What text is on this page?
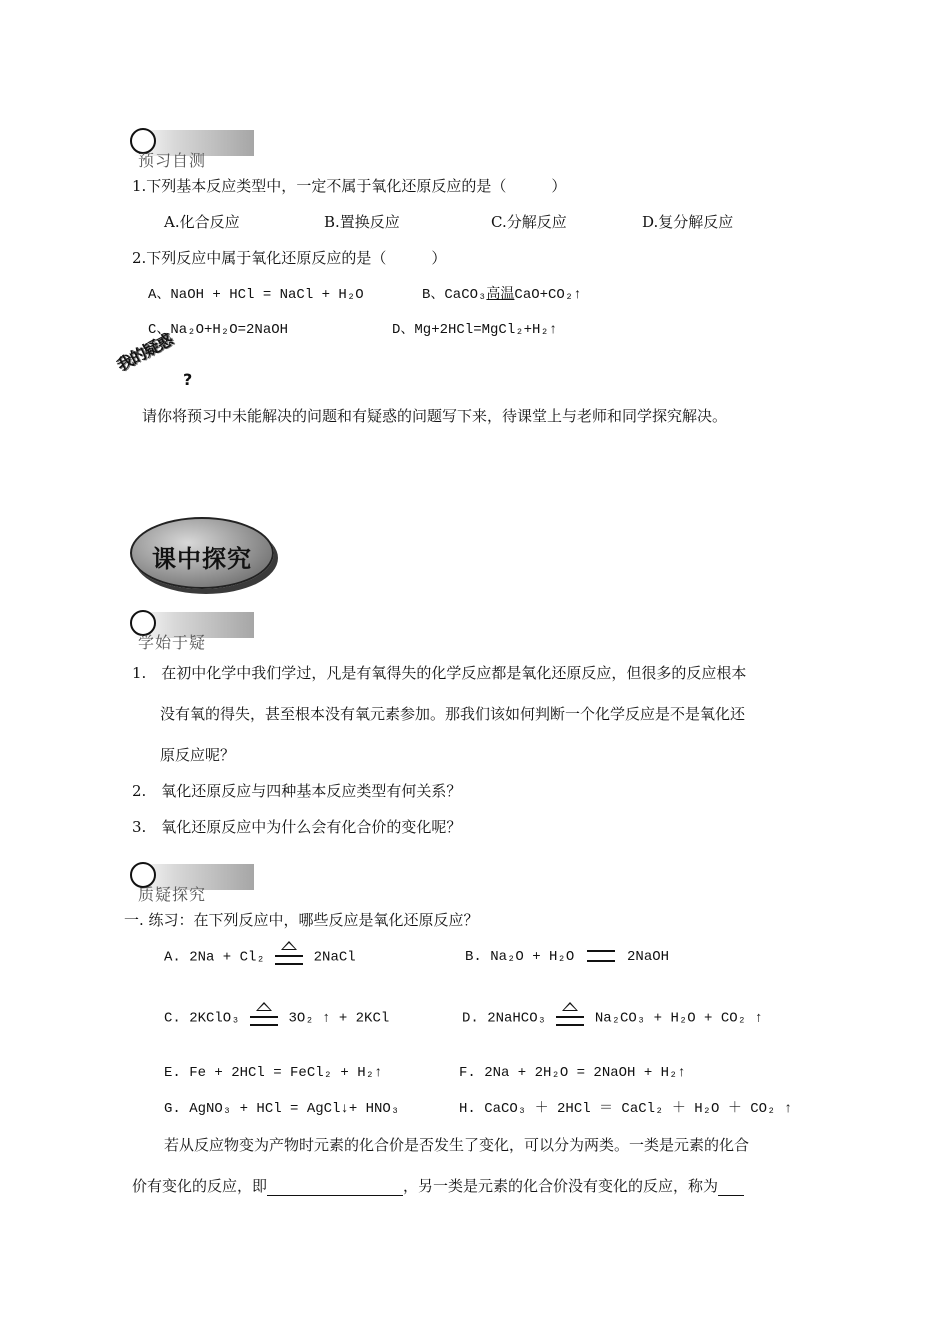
预习自测
1.下列基本反应类型中，一定不属于氧化还原反应的是（　　　）
A.化合反应	B.置换反应	C.分解反应	D.复分解反应
2.下列反应中属于氧化还原反应的是（　　　）
A、NaOH + HCl = NaCl + H₂O	B、CaCO₃高温CaO+CO₂↑
C、Na₂O+H₂O=2NaOH	D、Mg+2HCl=MgCl₂+H₂↑
我的疑惑
?
请你将预习中未能解决的问题和有疑惑的问题写下来，待课堂上与老师和同学探究解决。
课中探究
学始于疑
1.　在初中化学中我们学过，凡是有氧得失的化学反应都是氧化还原反应，但很多的反应根本
没有氧的得失，甚至根本没有氧元素参加。那我们该如何判断一个化学反应是不是氧化还
原反应呢？
2.　氧化还原反应与四种基本反应类型有何关系？
3.　氧化还原反应中为什么会有化合价的变化呢？
质疑探究
一. 练习：在下列反应中，哪些反应是氧化还原反应？
A. 2Na + Cl₂	2NaCl	B. Na₂O + H₂O	2NaOH
C. 2KClO₃	3O₂ ↑ + 2KCl	D. 2NaHCO₃	Na₂CO₃ + H₂O + CO₂ ↑
E. Fe + 2HCl = FeCl₂ + H₂↑	F. 2Na + 2H₂O = 2NaOH + H₂↑
G. AgNO₃ + HCl = AgCl↓+ HNO₃	H. CaCO₃ ＋ 2HCl ＝ CaCl₂ ＋ H₂O ＋ CO₂ ↑
若从反应物变为产物时元素的化合价是否发生了变化，可以分为两类。一类是元素的化合
价有变化的反应，即	，另一类是元素的化合价没有变化的反应，称为
